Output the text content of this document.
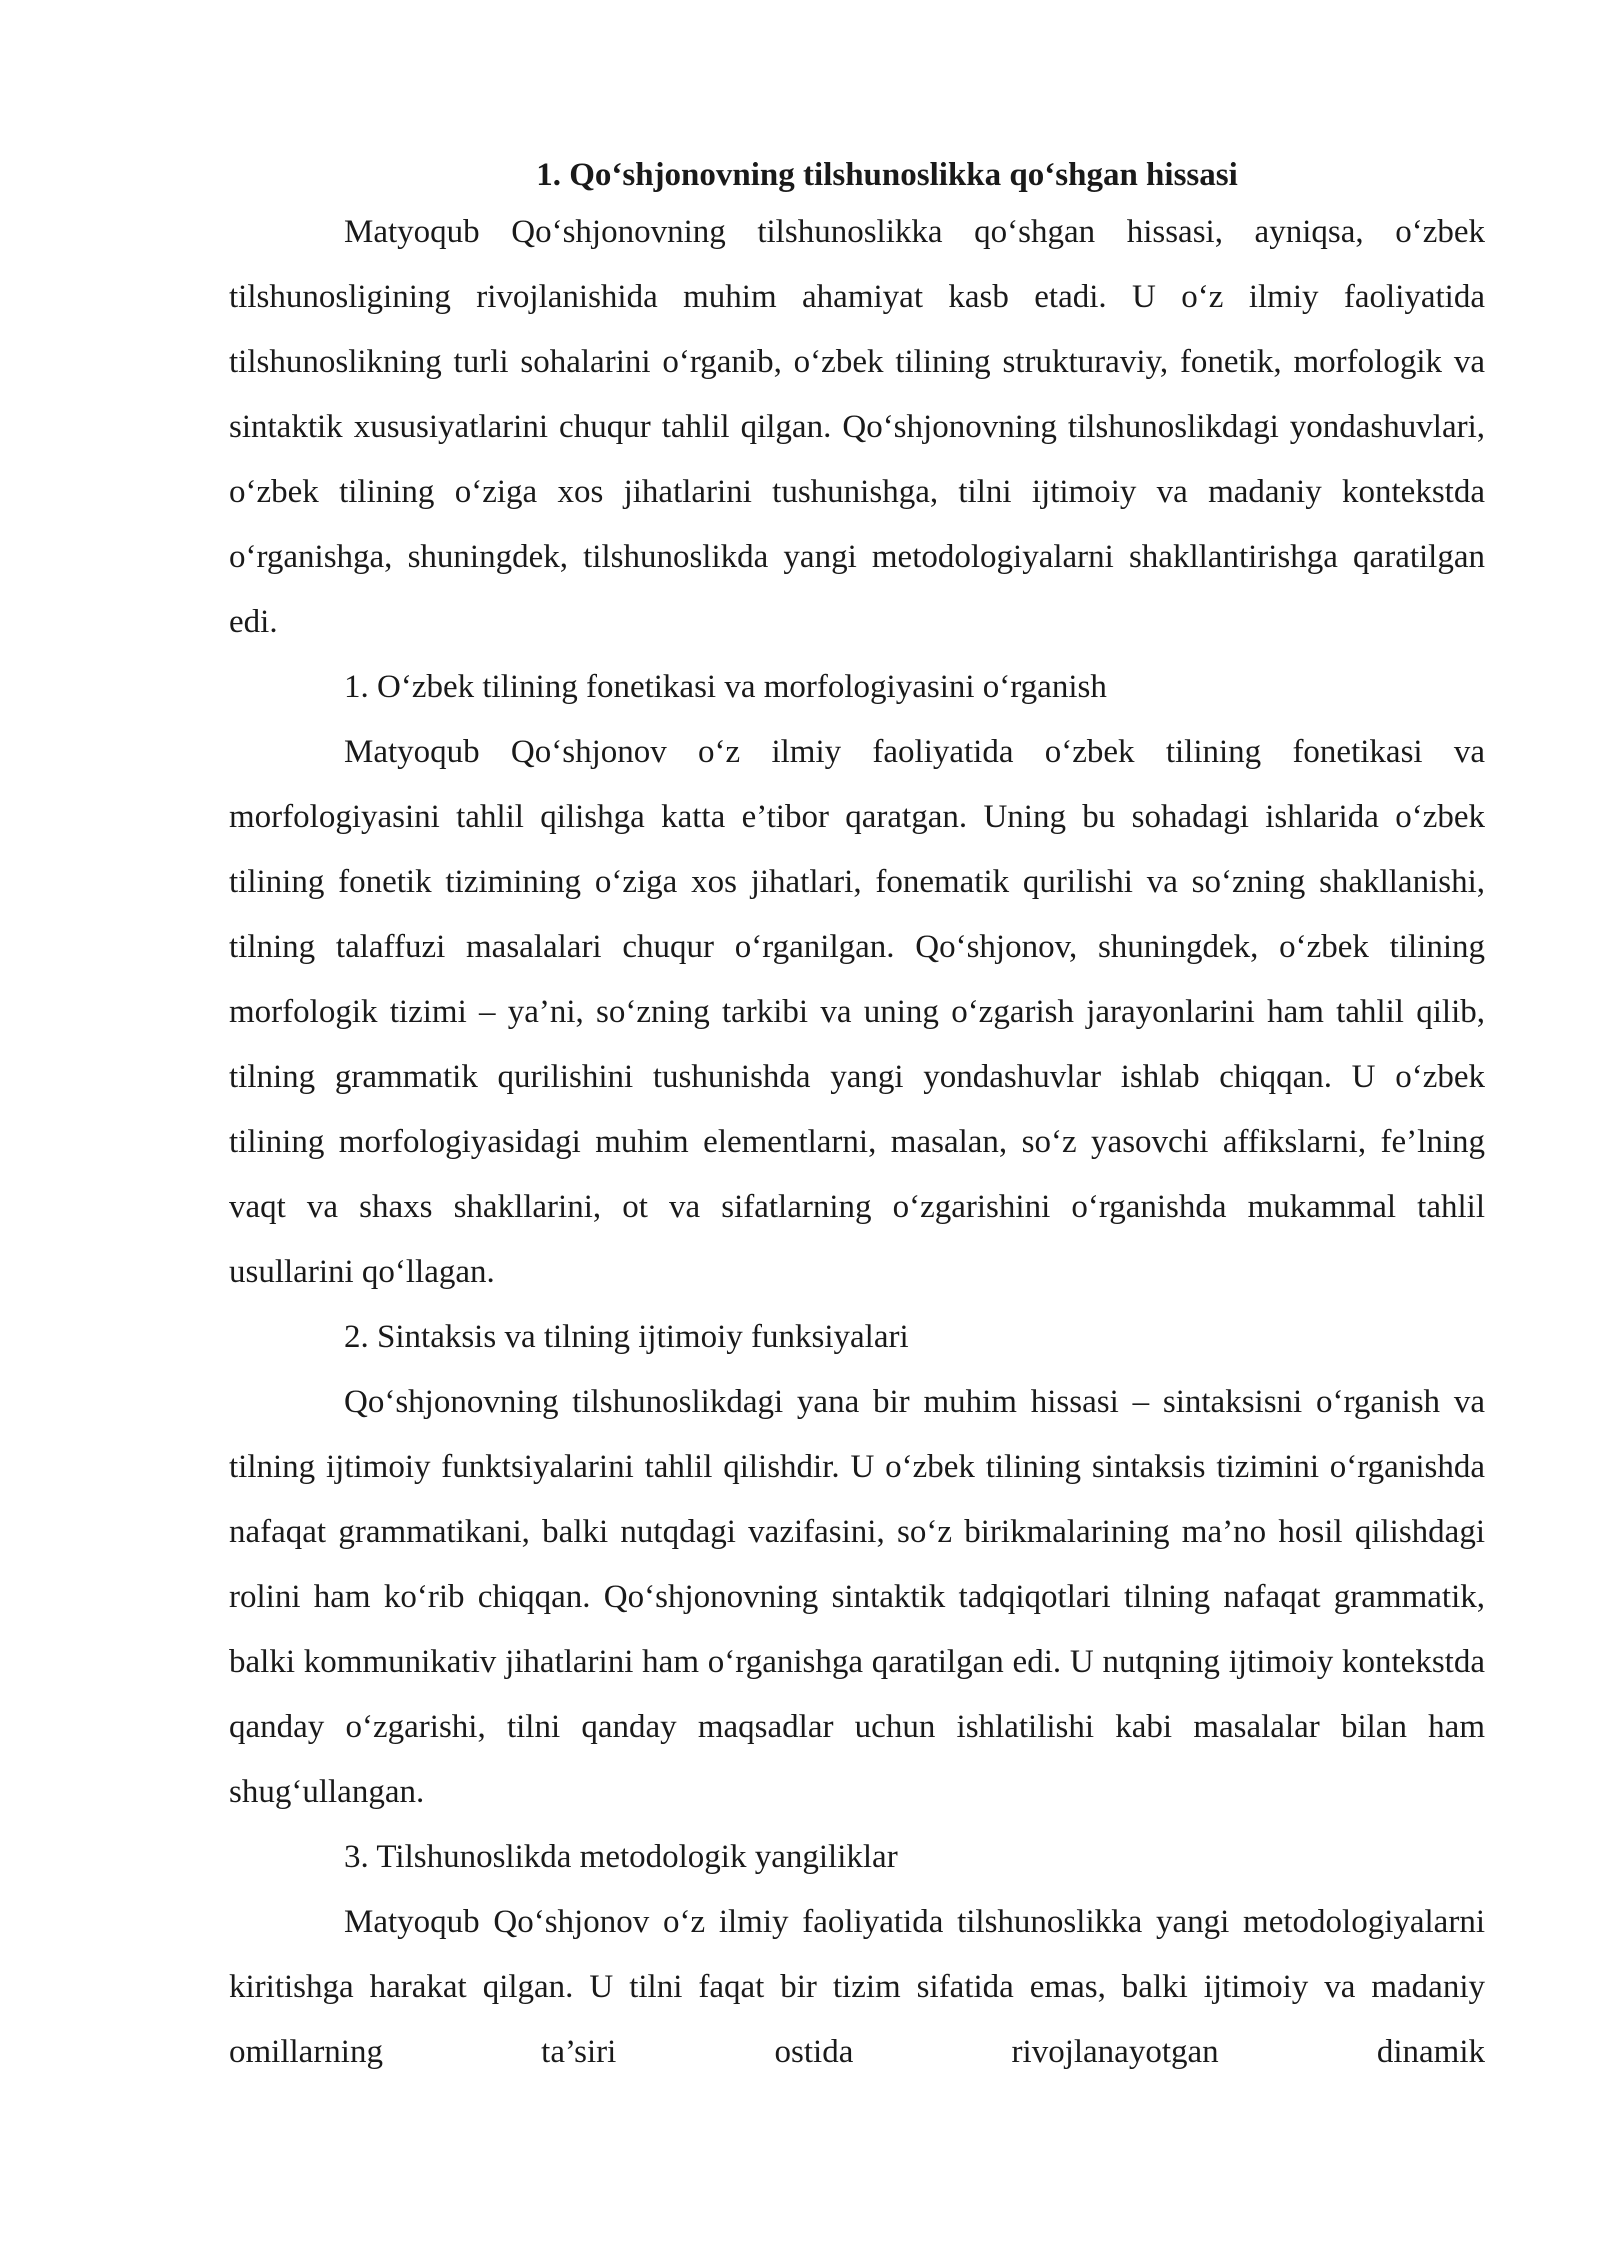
1. Qo‘shjonovning tilshunoslikka qo‘shgan hissasi

Matyoqub Qo‘shjonovning tilshunoslikka qo‘shgan hissasi, ayniqsa, o‘zbek tilshunosligining rivojlanishida muhim ahamiyat kasb etadi. U o‘z ilmiy faoliyatida tilshunoslikning turli sohalarini o‘rganib, o‘zbek tilining strukturaviy, fonetik, morfologik va sintaktik xususiyatlarini chuqur tahlil qilgan. Qo‘shjonovning tilshunoslikdagi yondashuvlari, o‘zbek tilining o‘ziga xos jihatlarini tushunishga, tilni ijtimoiy va madaniy kontekstda o‘rganishga, shuningdek, tilshunoslikda yangi metodologiyalarni shakllantirishga qaratilgan edi.

1. O‘zbek tilining fonetikasi va morfologiyasini o‘rganish

Matyoqub Qo‘shjonov o‘z ilmiy faoliyatida o‘zbek tilining fonetikasi va morfologiyasini tahlil qilishga katta e’tibor qaratgan. Uning bu sohadagi ishlarida o‘zbek tilining fonetik tizimining o‘ziga xos jihatlari, fonematik qurilishi va so‘zning shakllanishi, tilning talaffuzi masalalari chuqur o‘rganilgan. Qo‘shjonov, shuningdek, o‘zbek tilining morfologik tizimi – ya’ni, so‘zning tarkibi va uning o‘zgarish jarayonlarini ham tahlil qilib, tilning grammatik qurilishini tushunishda yangi yondashuvlar ishlab chiqqan. U o‘zbek tilining morfologiyasidagi muhim elementlarni, masalan, so‘z yasovchi affikslarni, fe’lning vaqt va shaxs shakllarini, ot va sifatlarning o‘zgarishini o‘rganishda mukammal tahlil usullarini qo‘llagan.

2. Sintaksis va tilning ijtimoiy funksiyalari

Qo‘shjonovning tilshunoslikdagi yana bir muhim hissasi – sintaksisni o‘rganish va tilning ijtimoiy funktsiyalarini tahlil qilishdir. U o‘zbek tilining sintaksis tizimini o‘rganishda nafaqat grammatikani, balki nutqdagi vazifasini, so‘z birikmalarining ma’no hosil qilishdagi rolini ham ko‘rib chiqqan. Qo‘shjonovning sintaktik tadqiqotlari tilning nafaqat grammatik, balki kommunikativ jihatlarini ham o‘rganishga qaratilgan edi. U nutqning ijtimoiy kontekstda qanday o‘zgarishi, tilni qanday maqsadlar uchun ishlatilishi kabi masalalar bilan ham shug‘ullangan.

3. Tilshunoslikda metodologik yangiliklar

Matyoqub Qo‘shjonov o‘z ilmiy faoliyatida tilshunoslikka yangi metodologiyalarni kiritishga harakat qilgan. U tilni faqat bir tizim sifatida emas, balki ijtimoiy va madaniy omillarning ta’siri ostida rivojlanayotgan dinamik
